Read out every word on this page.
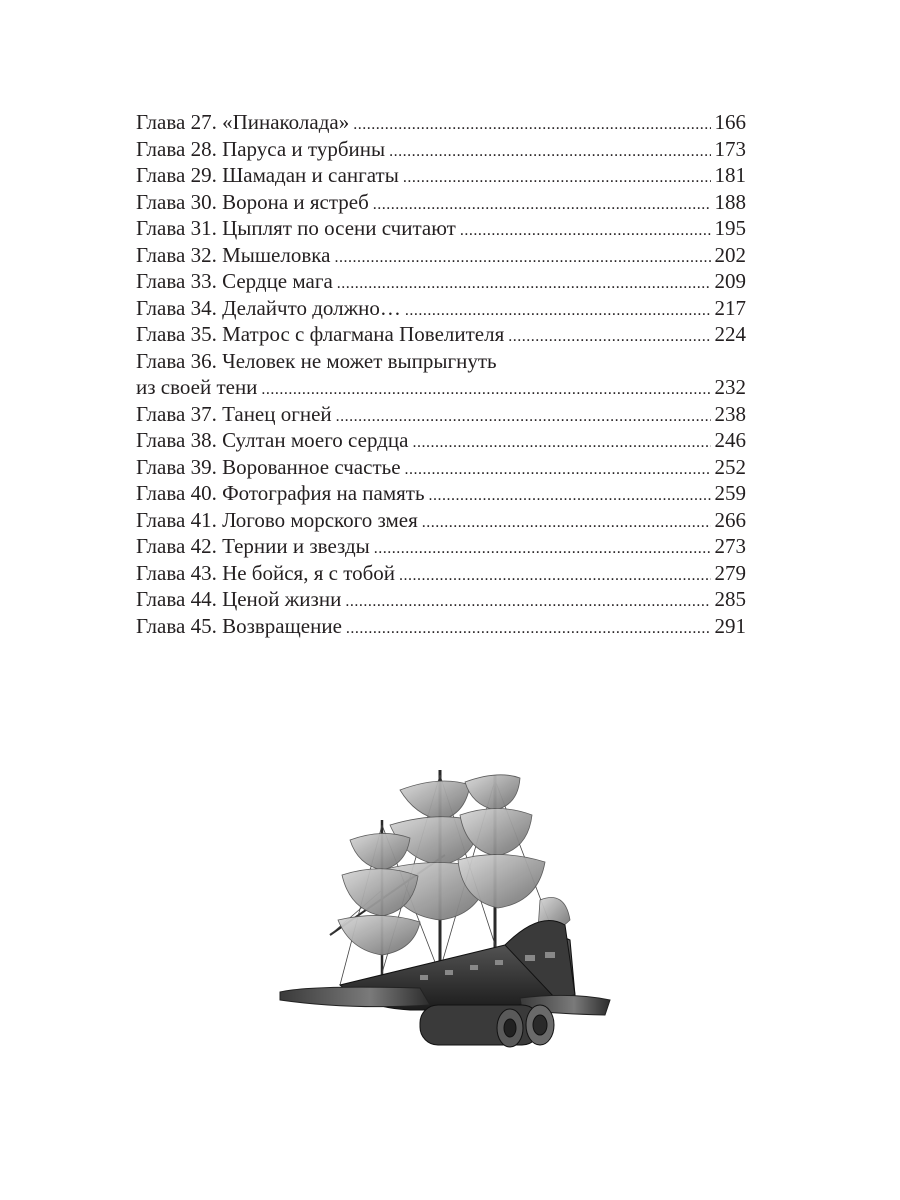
Глава 27. «Пинаколада» .....	166
Глава 28. Паруса и турбины .....	173
Глава 29. Шамадан и сангаты .....	181
Глава 30. Ворона и ястреб .....	188
Глава 31. Цыплят по осени считают .....	195
Глава 32. Мышеловка .....	202
Глава 33. Сердце мага .....	209
Глава 34. Делайчто должно… .....	217
Глава 35. Матрос с флагмана Повелителя .....	224
Глава 36. Человек не может выпрыгнуть
из своей тени .....	232
Глава 37. Танец огней .....	238
Глава 38. Султан моего сердца .....	246
Глава 39. Ворованное счастье .....	252
Глава 40. Фотография на память .....	259
Глава 41. Логово морского змея .....	266
Глава 42. Тернии и звезды .....	273
Глава 43. Не бойся, я с тобой .....	279
Глава 44. Ценой жизни .....	285
Глава 45. Возвращение .....	291
